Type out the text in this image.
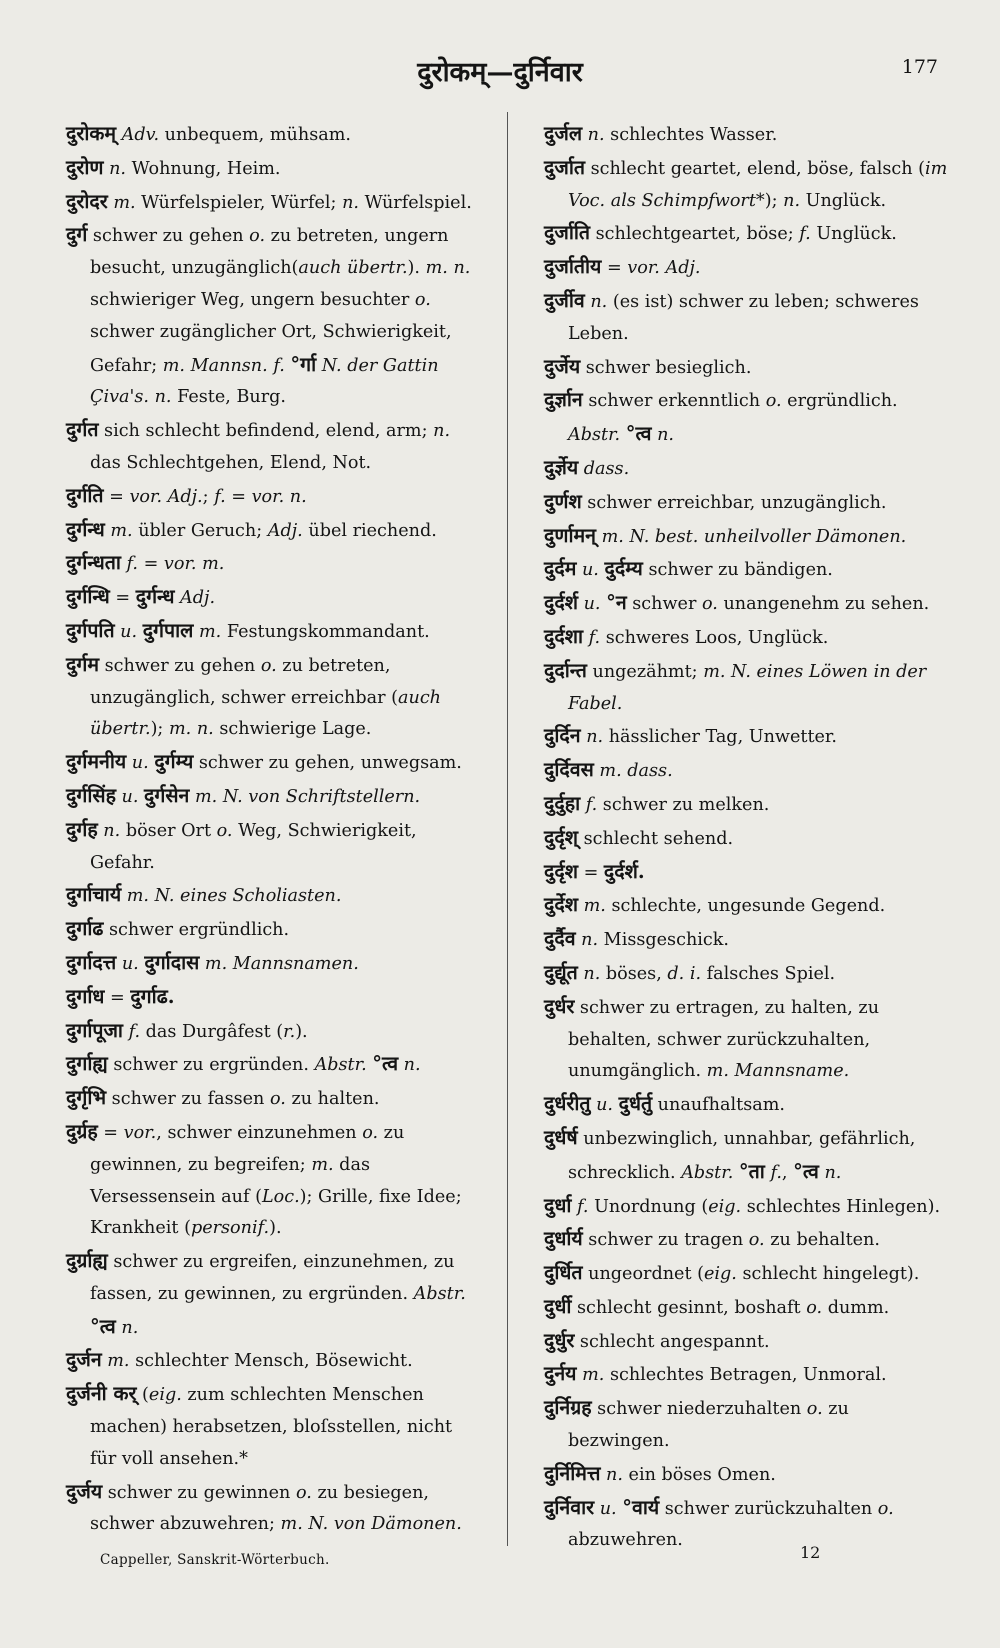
दुरोकम्—दुर्निवार	177

दुरोकम् Adv. unbequem, mühsam.

दुरोण n. Wohnung, Heim.

दुरोदर m. Würfelspieler, Würfel; n. Würfelspiel.

दुर्ग schwer zu gehen o. zu betreten, ungern besucht, unzugänglich(auch übertr.). m. n. schwieriger Weg, ungern besuchter o. schwer zugänglicher Ort, Schwierigkeit, Gefahr; m. Mannsn. f. °र्गा N. der Gattin Çiva's. n. Feste, Burg.

दुर्गत sich schlecht befindend, elend, arm; n. das Schlechtgehen, Elend, Not.

दुर्गति = vor. Adj.; f. = vor. n.

दुर्गन्ध m. übler Geruch; Adj. übel riechend.

दुर्गन्धता f. = vor. m.

दुर्गन्धि = दुर्गन्ध Adj.

दुर्गपति u. दुर्गपाल m. Festungskommandant.

दुर्गम schwer zu gehen o. zu betreten, unzugänglich, schwer erreichbar (auch übertr.); m. n. schwierige Lage.

दुर्गमनीय u. दुर्गम्य schwer zu gehen, unwegsam.

दुर्गसिंह u. दुर्गसेन m. N. von Schriftstellern.

दुर्गह n. böser Ort o. Weg, Schwierigkeit, Gefahr.

दुर्गाचार्य m. N. eines Scholiasten.

दुर्गाढ schwer ergründlich.

दुर्गादत्त u. दुर्गादास m. Mannsnamen.

दुर्गाध = दुर्गाढ.

दुर्गापूजा f. das Durgâfest (r.).

दुर्गाह्य schwer zu ergründen. Abstr. °त्व n.

दुर्गृभि schwer zu fassen o. zu halten.

दुर्ग्रह = vor., schwer einzunehmen o. zu gewinnen, zu begreifen; m. das Versessensein auf (Loc.); Grille, fixe Idee; Krankheit (personif.).

दुर्ग्राह्य schwer zu ergreifen, einzunehmen, zu fassen, zu gewinnen, zu ergründen. Abstr. °त्व n.

दुर्जन m. schlechter Mensch, Bösewicht.

दुर्जनी कर् (eig. zum schlechten Menschen machen) herabsetzen, bloſsstellen, nicht für voll ansehen.*

दुर्जय schwer zu gewinnen o. zu besiegen, schwer abzuwehren; m. N. von Dämonen.

दुर्जल n. schlechtes Wasser.

दुर्जात schlecht geartet, elend, böse, falsch (im Voc. als Schimpfwort*); n. Unglück.

दुर्जाति schlechtgeartet, böse; f. Unglück.

दुर्जातीय = vor. Adj.

दुर्जीव n. (es ist) schwer zu leben; schweres Leben.

दुर्जेय schwer besieglich.

दुर्ज्ञान schwer erkenntlich o. ergründlich. Abstr. °त्व n.

दुर्ज्ञेय dass.

दुर्णश schwer erreichbar, unzugänglich.

दुर्णामन् m. N. best. unheilvoller Dämonen.

दुर्दम u. दुर्दम्य schwer zu bändigen.

दुर्दर्श u. °न schwer o. unangenehm zu sehen.

दुर्दशा f. schweres Loos, Unglück.

दुर्दान्त ungezähmt; m. N. eines Löwen in der Fabel.

दुर्दिन n. hässlicher Tag, Unwetter.

दुर्दिवस m. dass.

दुर्दुहा f. schwer zu melken.

दुर्दृश् schlecht sehend.

दुर्दृश = दुर्दर्श.

दुर्देश m. schlechte, ungesunde Gegend.

दुर्दैव n. Missgeschick.

दुर्द्यूत n. böses, d. i. falsches Spiel.

दुर्धर schwer zu ertragen, zu halten, zu behalten, schwer zurückzuhalten, unumgänglich. m. Mannsname.

दुर्धरीतु u. दुर्धर्तु unaufhaltsam.

दुर्धर्ष unbezwinglich, unnahbar, gefährlich, schrecklich. Abstr. °ता f., °त्व n.

दुर्धा f. Unordnung (eig. schlechtes Hinlegen).

दुर्धार्य schwer zu tragen o. zu behalten.

दुर्धित ungeordnet (eig. schlecht hingelegt).

दुर्धी schlecht gesinnt, boshaft o. dumm.

दुर्धुर schlecht angespannt.

दुर्नय m. schlechtes Betragen, Unmoral.

दुर्निग्रह schwer niederzuhalten o. zu bezwingen.

दुर्निमित्त n. ein böses Omen.

दुर्निवार u. °वार्य schwer zurückzuhalten o. abzuwehren.

Cappeller, Sanskrit-Wörterbuch.	12
